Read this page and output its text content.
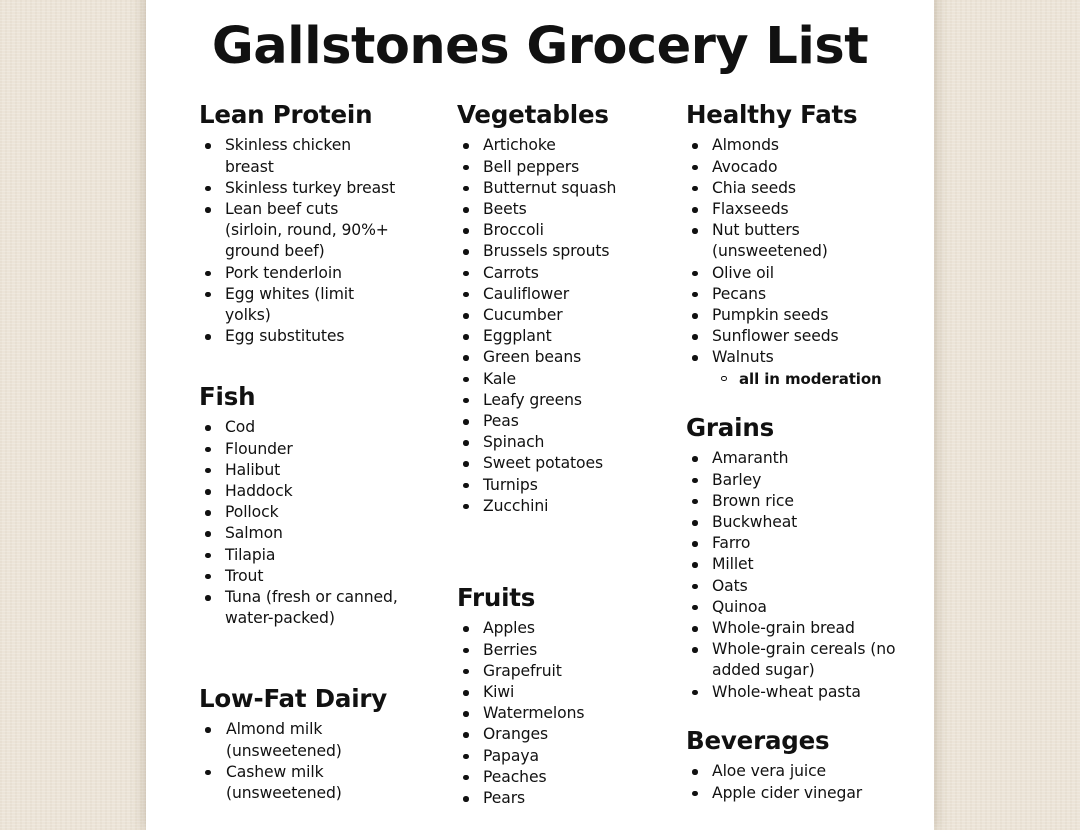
Gallstones Grocery List
Lean Protein
Skinless chicken breast
Skinless turkey breast
Lean beef cuts (sirloin, round, 90%+ ground beef)
Pork tenderloin
Egg whites (limit yolks)
Egg substitutes
Fish
Cod
Flounder
Halibut
Haddock
Pollock
Salmon
Tilapia
Trout
Tuna (fresh or canned, water-packed)
Low-Fat Dairy
Almond milk (unsweetened)
Cashew milk (unsweetened)
Vegetables
Artichoke
Bell peppers
Butternut squash
Beets
Broccoli
Brussels sprouts
Carrots
Cauliflower
Cucumber
Eggplant
Green beans
Kale
Leafy greens
Peas
Spinach
Sweet potatoes
Turnips
Zucchini
Fruits
Apples
Berries
Grapefruit
Kiwi
Watermelons
Oranges
Papaya
Peaches
Pears
Healthy Fats
Almonds
Avocado
Chia seeds
Flaxseeds
Nut butters (unsweetened)
Olive oil
Pecans
Pumpkin seeds
Sunflower seeds
Walnuts
all in moderation
Grains
Amaranth
Barley
Brown rice
Buckwheat
Farro
Millet
Oats
Quinoa
Whole-grain bread
Whole-grain cereals (no added sugar)
Whole-wheat pasta
Beverages
Aloe vera juice
Apple cider vinegar
